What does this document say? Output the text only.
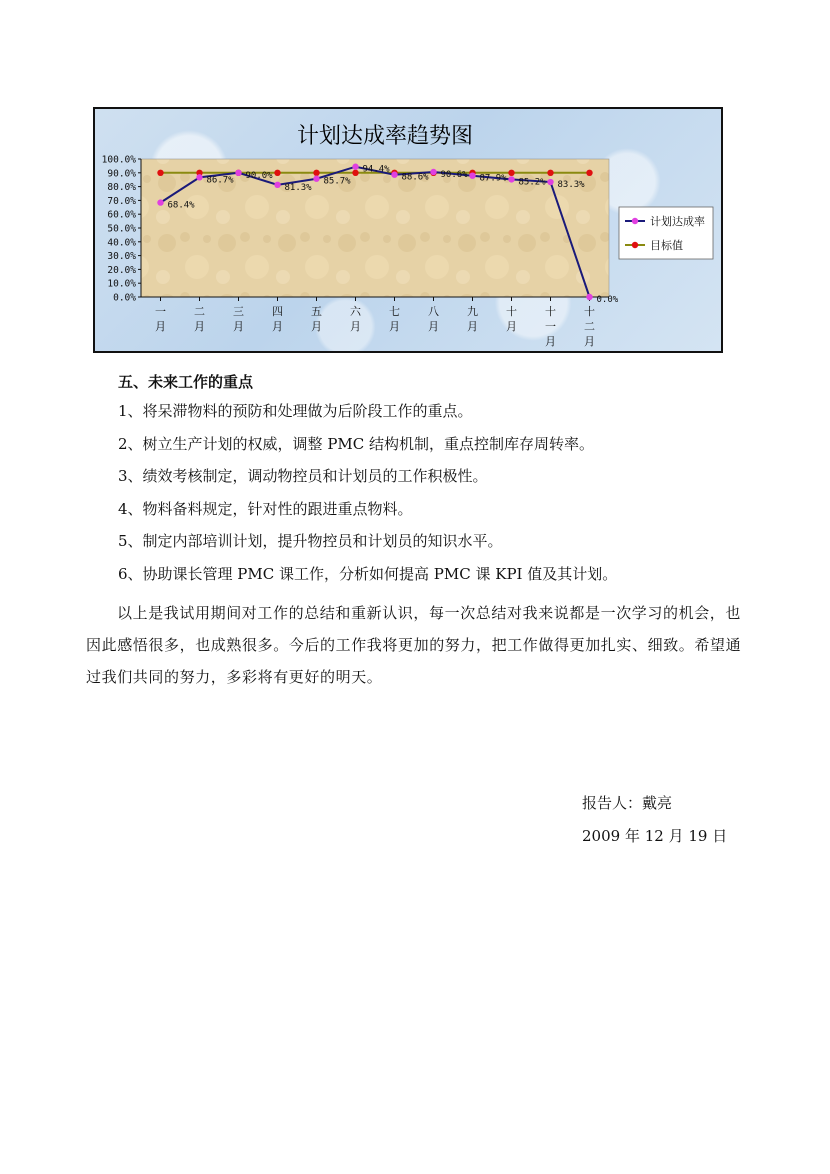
计划达成率趋势图
100.0%
90.0%
80.0%
70.0%
60.0%
50.0%
40.0%
30.0%
20.0%
10.0%
0.0%
一月
二月
三月
四月
五月
六月
七月
八月
九月
十月
十一月
十二月
68.4%
86.7% 90.0%
81.3%
85.7%
94.4%
88.6% 90.6% 87.9% 85.2% 83.3%
0.0%
计划达成率
目标值
五、未来工作的重点
1、将呆滞物料的预防和处理做为后阶段工作的重点。
2、树立生产计划的权威，调整 PMC 结构机制，重点控制库存周转率。
3、绩效考核制定，调动物控员和计划员的工作积极性。
4、物料备料规定，针对性的跟进重点物料。
5、制定内部培训计划，提升物控员和计划员的知识水平。
6、协助课长管理 PMC 课工作，分析如何提高 PMC 课 KPI 值及其计划。

以上是我试用期间对工作的总结和重新认识，每一次总结对我来说都是一次学习的机会，也因此感悟很多，也成熟很多。今后的工作我将更加的努力，把工作做得更加扎实、细致。希望通过我们共同的努力，多彩将有更好的明天。

报告人：戴亮
2009 年 12 月 19 日
